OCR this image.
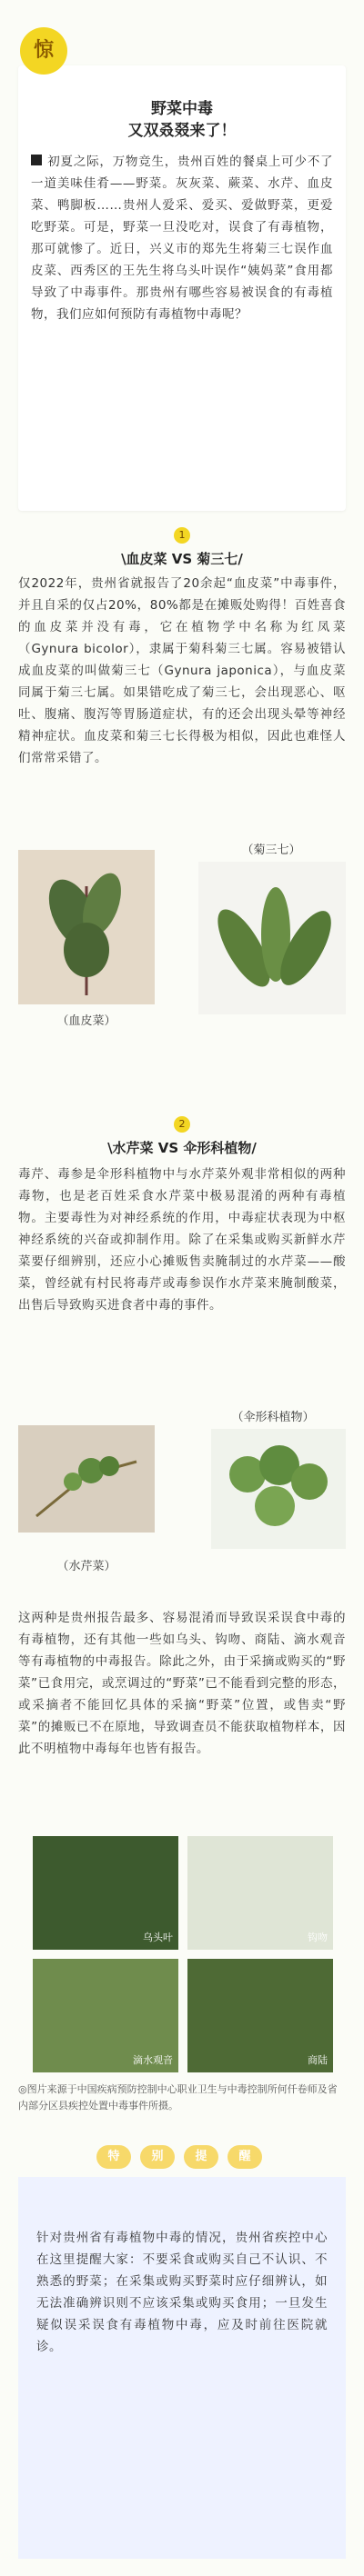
惊
野菜中毒
又双叒叕来了！
初夏之际，万物竞生，贵州百姓的餐桌上可少不了一道美味佳肴——野菜。灰灰菜、蕨菜、水芹、血皮菜、鸭脚板……贵州人爱采、爱买、爱做野菜，更爱吃野菜。可是，野菜一旦没吃对，误食了有毒植物，那可就惨了。近日，兴义市的郑先生将菊三七误作血皮菜、西秀区的王先生将乌头叶误作“姨妈菜”食用都导致了中毒事件。那贵州有哪些容易被误食的有毒植物，我们应如何预防有毒植物中毒呢？
1
\血皮菜 VS 菊三七/
仅2022年，贵州省就报告了20余起“血皮菜”中毒事件，并且自采的仅占20%，80%都是在摊贩处购得！百姓喜食的血皮菜并没有毒，它在植物学中名称为红凤菜（Gynura bicolor），隶属于菊科菊三七属。容易被错认成血皮菜的叫做菊三七（Gynura japonica），与血皮菜同属于菊三七属。如果错吃成了菊三七，会出现恶心、呕吐、腹痛、腹泻等胃肠道症状，有的还会出现头晕等神经精神症状。血皮菜和菊三七长得极为相似，因此也难怪人们常常采错了。
（血皮菜）
（菊三七）
2
\水芹菜 VS 伞形科植物/
毒芹、毒参是伞形科植物中与水芹菜外观非常相似的两种毒物，也是老百姓采食水芹菜中极易混淆的两种有毒植物。主要毒性为对神经系统的作用，中毒症状表现为中枢神经系统的兴奋或抑制作用。除了在采集或购买新鲜水芹菜要仔细辨别，还应小心摊贩售卖腌制过的水芹菜——酸菜，曾经就有村民将毒芹或毒参误作水芹菜来腌制酸菜，出售后导致购买进食者中毒的事件。
（伞形科植物）
（水芹菜）
这两种是贵州报告最多、容易混淆而导致误采误食中毒的有毒植物，还有其他一些如乌头、钩吻、商陆、滴水观音等有毒植物的中毒报告。除此之外，由于采摘或购买的“野菜”已食用完，或烹调过的“野菜”已不能看到完整的形态，或采摘者不能回忆具体的采摘“野菜”位置，或售卖“野菜”的摊贩已不在原地，导致调查员不能获取植物样本，因此不明植物中毒每年也皆有报告。
乌头叶	钩吻
滴水观音	商陆
◎图片来源于中国疾病预防控制中心职业卫生与中毒控制所何仟卷师及省内部分区县疾控处置中毒事件所摄。
特	别	提	醒
针对贵州省有毒植物中毒的情况，贵州省疾控中心在这里提醒大家：不要采食或购买自己不认识、不熟悉的野菜；在采集或购买野菜时应仔细辨认，如无法准确辨识则不应该采集或购买食用；一旦发生疑似误采误食有毒植物中毒，应及时前往医院就诊。
